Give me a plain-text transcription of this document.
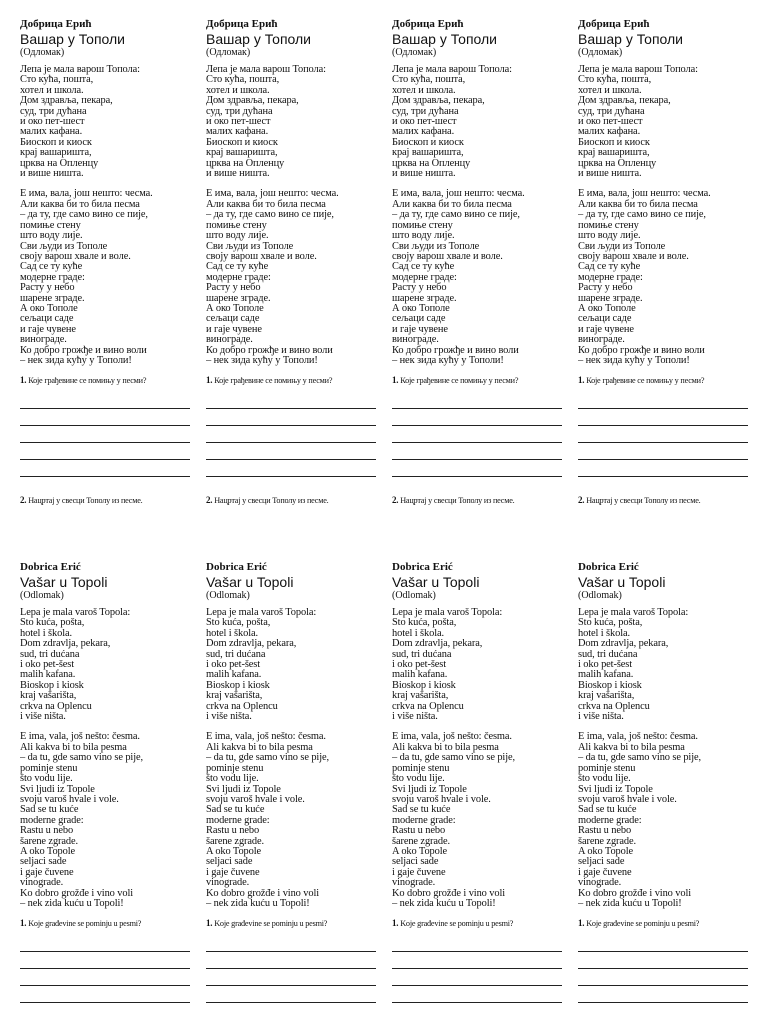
Добрица Ерић
Вашар у Тополи
(Одломак)
Лепа је мала варош Топола:
Сто кућа, пошта,
хотел и школа.
Дом здравља, пекара,
суд, три дућана
и око пет-шест
малих кафана.
Биоскоп и киоск
крај вашаришта,
црква на Опленцу
и више ништа.
Е има, вала, још нешто: чесма.
Али каква би то била песма
– да ту, где само вино се пије,
помиње стену
што воду лије.
Сви људи из Тополе
своју варош хвале и воле.
Сад се ту куће
модерне граде:
Расту у небо
шарене зграде.
А око Тополе
сељаци саде
и гаје чувене
винограде.
Ко добро грожђе и вино воли
– нек зида кућу у Тополи!
1. Које грађевине се помињу у песми?
2. Нацртај у свесци Тополу из песме.
Добрица Ерић
Вашар у Тополи
(Одломак)
Лепа је мала варош Топола:
Сто кућа, пошта,
хотел и школа.
Дом здравља, пекара,
суд, три дућана
и око пет-шест
малих кафана.
Биоскоп и киоск
крај вашаришта,
црква на Опленцу
и више ништа.
Е има, вала, још нешто: чесма.
Али каква би то била песма
– да ту, где само вино се пије,
помиње стену
што воду лије.
Сви људи из Тополе
своју варош хвале и воле.
Сад се ту куће
модерне граде:
Расту у небо
шарене зграде.
А око Тополе
сељаци саде
и гаје чувене
винограде.
Ко добро грожђе и вино воли
– нек зида кућу у Тополи!
1. Које грађевине се помињу у песми?
2. Нацртај у свесци Тополу из песме.
Добрица Ерић
Вашар у Тополи
(Одломак)
Лепа је мала варош Топола:
Сто кућа, пошта,
хотел и школа.
Дом здравља, пекара,
суд, три дућана
и око пет-шест
малих кафана.
Биоскоп и киоск
крај вашаришта,
црква на Опленцу
и више ништа.
Е има, вала, још нешто: чесма.
Али каква би то била песма
– да ту, где само вино се пије,
помиње стену
што воду лије.
Сви људи из Тополе
своју варош хвале и воле.
Сад се ту куће
модерне граде:
Расту у небо
шарене зграде.
А око Тополе
сељаци саде
и гаје чувене
винограде.
Ко добро грожђе и вино воли
– нек зида кућу у Тополи!
1. Које грађевине се помињу у песми?
2. Нацртај у свесци Тополу из песме.
Добрица Ерић
Вашар у Тополи
(Одломак)
Лепа је мала варош Топола:
Сто кућа, пошта,
хотел и школа.
Дом здравља, пекара,
суд, три дућана
и око пет-шест
малих кафана.
Биоскоп и киоск
крај вашаришта,
црква на Опленцу
и више ништа.
Е има, вала, још нешто: чесма.
Али каква би то била песма
– да ту, где само вино се пије,
помиње стену
што воду лије.
Сви људи из Тополе
своју варош хвале и воле.
Сад се ту куће
модерне граде:
Расту у небо
шарене зграде.
А око Тополе
сељаци саде
и гаје чувене
винограде.
Ко добро грожђе и вино воли
– нек зида кућу у Тополи!
1. Које грађевине се помињу у песми?
2. Нацртај у свесци Тополу из песме.
Dobrica Erić
Vašar u Topoli
(Odlomak)
Lepa je mala varoš Topola:
Sto kuća, pošta,
hotel i škola.
Dom zdravlja, pekara,
sud, tri dućana
i oko pet-šest
malih kafana.
Bioskop i kiosk
kraj vašarišta,
crkva na Oplencu
i više ništa.
E ima, vala, još nešto: česma.
Ali kakva bi to bila pesma
– da tu, gde samo vino se pije,
pominje stenu
što vodu lije.
Svi ljudi iz Topole
svoju varoš hvale i vole.
Sad se tu kuće
moderne grade:
Rastu u nebo
šarene zgrade.
A oko Topole
seljaci sade
i gaje čuvene
vinograde.
Ko dobro grožđe i vino voli
– nek zida kuću u Topoli!
1. Koje građevine se pominju u pesmi?
Dobrica Erić
Vašar u Topoli
(Odlomak)
Lepa je mala varoš Topola:
Sto kuća, pošta,
hotel i škola.
Dom zdravlja, pekara,
sud, tri dućana
i oko pet-šest
malih kafana.
Bioskop i kiosk
kraj vašarišta,
crkva na Oplencu
i više ništa.
E ima, vala, još nešto: česma.
Ali kakva bi to bila pesma
– da tu, gde samo vino se pije,
pominje stenu
što vodu lije.
Svi ljudi iz Topole
svoju varoš hvale i vole.
Sad se tu kuće
moderne grade:
Rastu u nebo
šarene zgrade.
A oko Topole
seljaci sade
i gaje čuvene
vinograde.
Ko dobro grožđe i vino voli
– nek zida kuću u Topoli!
1. Koje građevine se pominju u pesmi?
Dobrica Erić
Vašar u Topoli
(Odlomak)
Lepa je mala varoš Topola:
Sto kuća, pošta,
hotel i škola.
Dom zdravlja, pekara,
sud, tri dućana
i oko pet-šest
malih kafana.
Bioskop i kiosk
kraj vašarišta,
crkva na Oplencu
i više ništa.
E ima, vala, još nešto: česma.
Ali kakva bi to bila pesma
– da tu, gde samo vino se pije,
pominje stenu
što vodu lije.
Svi ljudi iz Topole
svoju varoš hvale i vole.
Sad se tu kuće
moderne grade:
Rastu u nebo
šarene zgrade.
A oko Topole
seljaci sade
i gaje čuvene
vinograde.
Ko dobro grožđe i vino voli
– nek zida kuću u Topoli!
1. Koje građevine se pominju u pesmi?
Dobrica Erić
Vašar u Topoli
(Odlomak)
Lepa je mala varoš Topola:
Sto kuća, pošta,
hotel i škola.
Dom zdravlja, pekara,
sud, tri dućana
i oko pet-šest
malih kafana.
Bioskop i kiosk
kraj vašarišta,
crkva na Oplencu
i više ništa.
E ima, vala, još nešto: česma.
Ali kakva bi to bila pesma
– da tu, gde samo vino se pije,
pominje stenu
što vodu lije.
Svi ljudi iz Topole
svoju varoš hvale i vole.
Sad se tu kuće
moderne grade:
Rastu u nebo
šarene zgrade.
A oko Topole
seljaci sade
i gaje čuvene
vinograde.
Ko dobro grožđe i vino voli
– nek zida kuću u Topoli!
1. Koje građevine se pominju u pesmi?
